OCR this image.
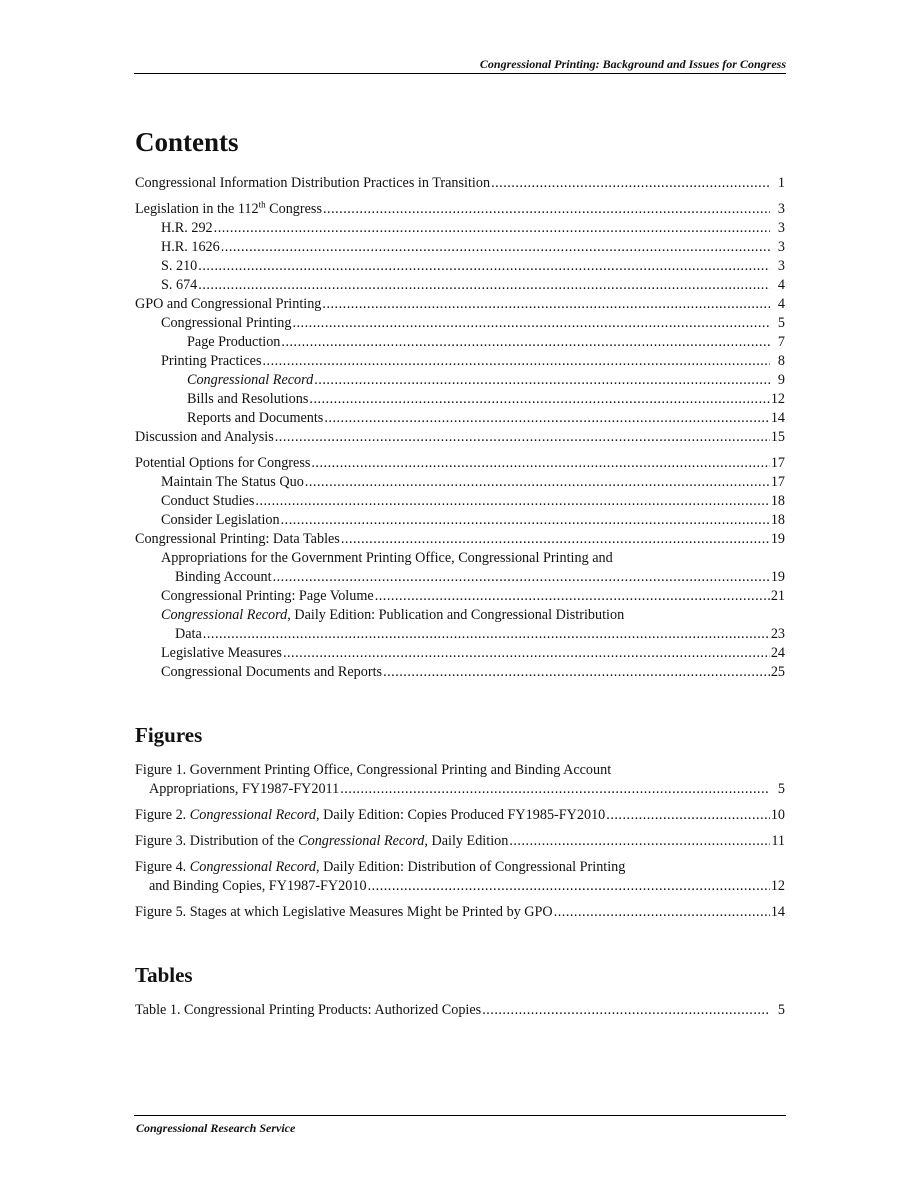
Congressional Printing: Background and Issues for Congress
Contents
Congressional Information Distribution Practices in Transition .....	1
Legislation in the 112th Congress .....	3
H.R. 292 .....	3
H.R. 1626 .....	3
S. 210 .....	3
S. 674 .....	4
GPO and Congressional Printing .....	4
Congressional Printing .....	5
Page Production .....	7
Printing Practices .....	8
Congressional Record .....	9
Bills and Resolutions .....	12
Reports and Documents .....	14
Discussion and Analysis .....	15
Potential Options for Congress .....	17
Maintain The Status Quo .....	17
Conduct Studies .....	18
Consider Legislation .....	18
Congressional Printing: Data Tables .....	19
Appropriations for the Government Printing Office, Congressional Printing and
Binding Account .....	19
Congressional Printing: Page Volume .....	21
Congressional Record, Daily Edition: Publication and Congressional Distribution
Data .....	23
Legislative Measures .....	24
Congressional Documents and Reports .....	25
Figures
Figure 1. Government Printing Office, Congressional Printing and Binding Account
Appropriations, FY1987-FY2011 .....	5
Figure 2. Congressional Record, Daily Edition: Copies Produced FY1985-FY2010 .....	10
Figure 3. Distribution of the Congressional Record, Daily Edition .....	11
Figure 4. Congressional Record, Daily Edition: Distribution of Congressional Printing
and Binding Copies, FY1987-FY2010 .....	12
Figure 5. Stages at which Legislative Measures Might be Printed by GPO .....	14
Tables
Table 1. Congressional Printing Products: Authorized Copies .....	5
Congressional Research Service
